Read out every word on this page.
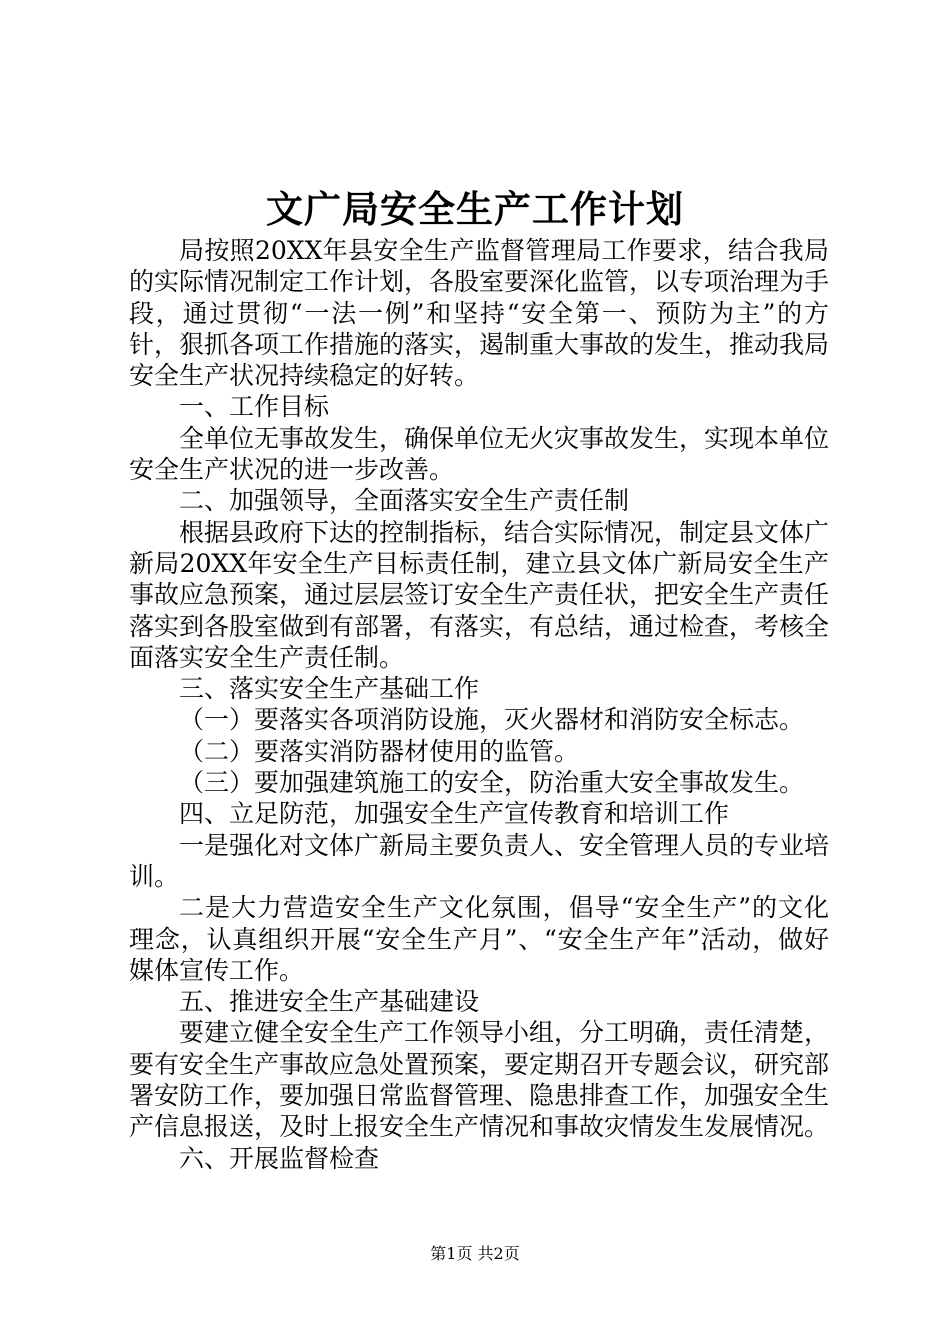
文广局安全生产工作计划

局按照20XX年县安全生产监督管理局工作要求，结合我局的实际情况制定工作计划，各股室要深化监管，以专项治理为手段，通过贯彻“一法一例”和坚持“安全第一、预防为主”的方针，狠抓各项工作措施的落实，遏制重大事故的发生，推动我局安全生产状况持续稳定的好转。

一、工作目标

全单位无事故发生，确保单位无火灾事故发生，实现本单位安全生产状况的进一步改善。

二、加强领导，全面落实安全生产责任制

根据县政府下达的控制指标，结合实际情况，制定县文体广新局20XX年安全生产目标责任制，建立县文体广新局安全生产事故应急预案，通过层层签订安全生产责任状，把安全生产责任落实到各股室做到有部署，有落实，有总结，通过检查，考核全面落实安全生产责任制。

三、落实安全生产基础工作

（一）要落实各项消防设施，灭火器材和消防安全标志。

（二）要落实消防器材使用的监管。

（三）要加强建筑施工的安全，防治重大安全事故发生。

四、立足防范，加强安全生产宣传教育和培训工作

一是强化对文体广新局主要负责人、安全管理人员的专业培训。

二是大力营造安全生产文化氛围，倡导“安全生产”的文化理念，认真组织开展“安全生产月”、“安全生产年”活动，做好媒体宣传工作。

五、推进安全生产基础建设

要建立健全安全生产工作领导小组，分工明确，责任清楚，要有安全生产事故应急处置预案，要定期召开专题会议，研究部署安防工作，要加强日常监督管理、隐患排查工作，加强安全生产信息报送，及时上报安全生产情况和事故灾情发生发展情况。

六、开展监督检查

第1页 共2页
